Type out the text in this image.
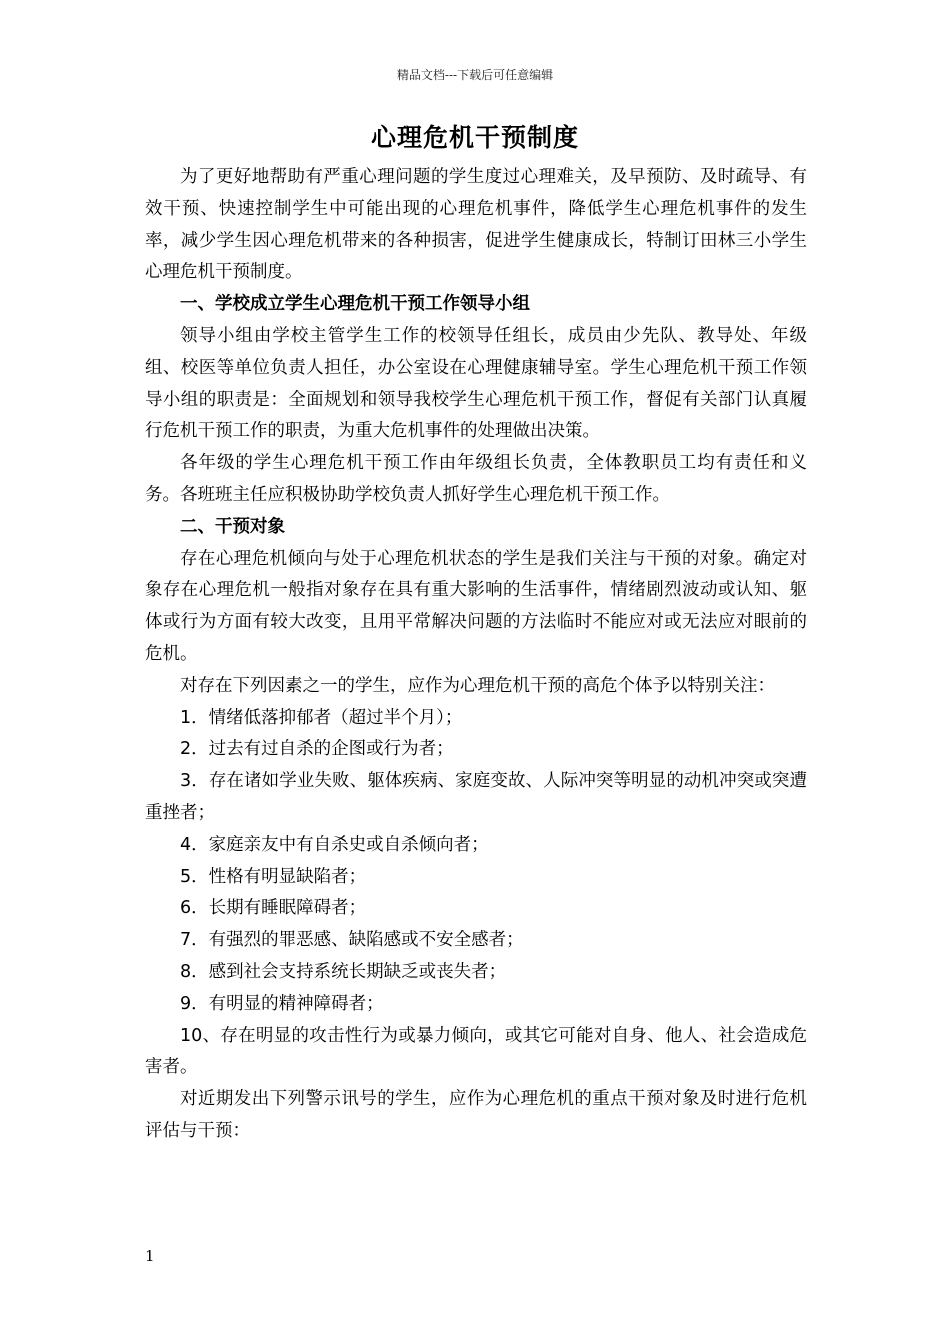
精品文档---下载后可任意编辑
心理危机干预制度

为了更好地帮助有严重心理问题的学生度过心理难关，及早预防、及时疏导、有效干预、快速控制学生中可能出现的心理危机事件，降低学生心理危机事件的发生率，减少学生因心理危机带来的各种损害，促进学生健康成长，特制订田林三小学生心理危机干预制度。

一、学校成立学生心理危机干预工作领导小组

领导小组由学校主管学生工作的校领导任组长，成员由少先队、教导处、年级组、校医等单位负责人担任，办公室设在心理健康辅导室。学生心理危机干预工作领导小组的职责是：全面规划和领导我校学生心理危机干预工作，督促有关部门认真履行危机干预工作的职责，为重大危机事件的处理做出决策。

各年级的学生心理危机干预工作由年级组长负责，全体教职员工均有责任和义务。各班班主任应积极协助学校负责人抓好学生心理危机干预工作。

二、干预对象

存在心理危机倾向与处于心理危机状态的学生是我们关注与干预的对象。确定对象存在心理危机一般指对象存在具有重大影响的生活事件，情绪剧烈波动或认知、躯体或行为方面有较大改变，且用平常解决问题的方法临时不能应对或无法应对眼前的危机。

对存在下列因素之一的学生，应作为心理危机干预的高危个体予以特别关注：

1．情绪低落抑郁者（超过半个月）；

2．过去有过自杀的企图或行为者；

3．存在诸如学业失败、躯体疾病、家庭变故、人际冲突等明显的动机冲突或突遭重挫者；

4．家庭亲友中有自杀史或自杀倾向者；

5．性格有明显缺陷者；

6．长期有睡眠障碍者；

7．有强烈的罪恶感、缺陷感或不安全感者；

8．感到社会支持系统长期缺乏或丧失者；

9．有明显的精神障碍者；

10、存在明显的攻击性行为或暴力倾向，或其它可能对自身、他人、社会造成危害者。

对近期发出下列警示讯号的学生，应作为心理危机的重点干预对象及时进行危机评估与干预：

1
